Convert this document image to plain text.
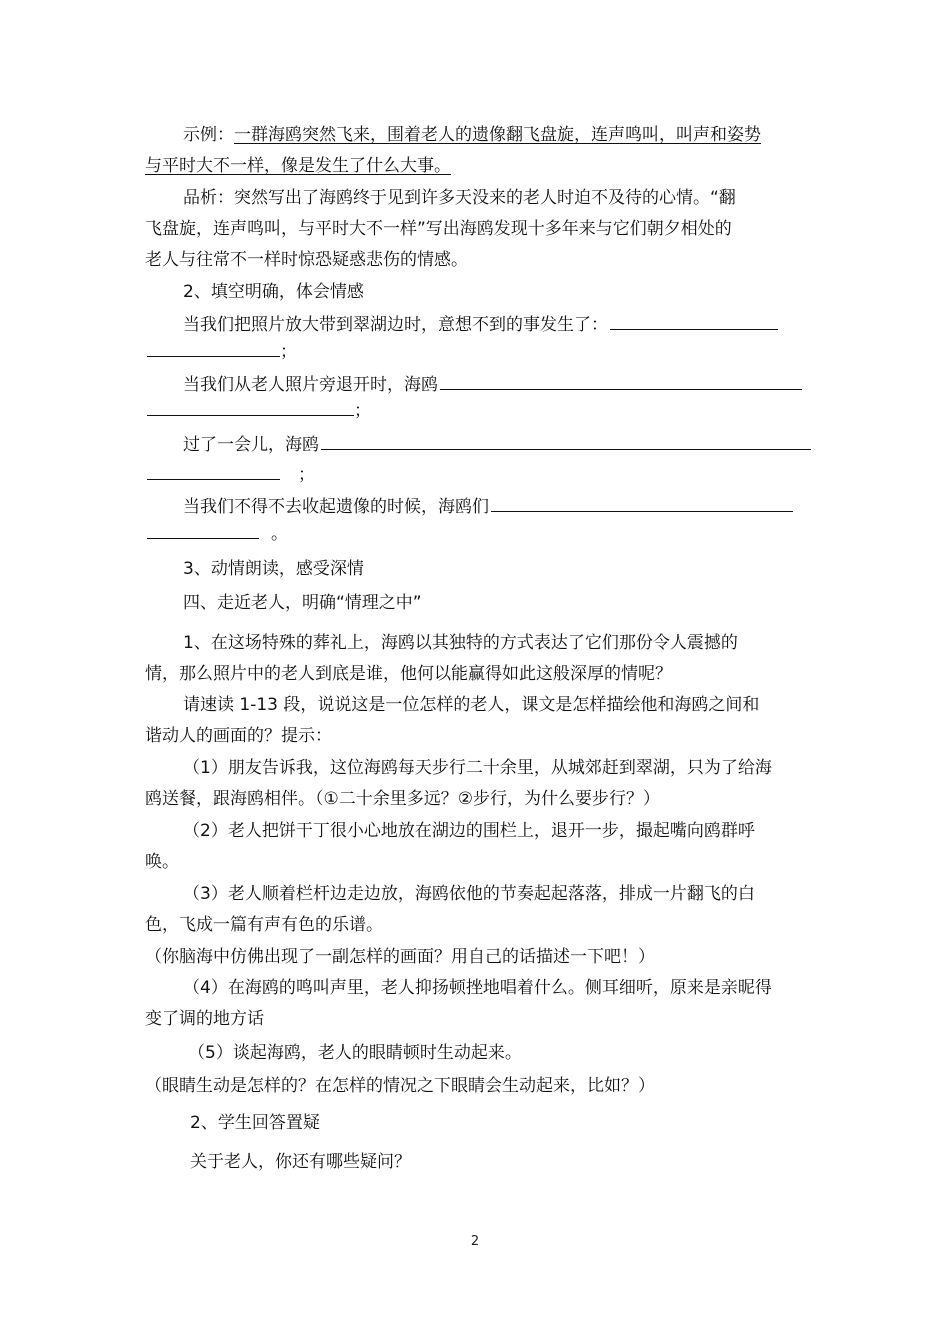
示例：一群海鸥突然飞来，围着老人的遗像翻飞盘旋，连声鸣叫，叫声和姿势
与平时大不一样，像是发生了什么大事。
品析：突然写出了海鸥终于见到许多天没来的老人时迫不及待的心情。“翻
飞盘旋，连声鸣叫，与平时大不一样”写出海鸥发现十多年来与它们朝夕相处的
老人与往常不一样时惊恐疑惑悲伤的情感。
2、填空明确，体会情感
当我们把照片放大带到翠湖边时，意想不到的事发生了：
；
当我们从老人照片旁退开时，海鸥
；
过了一会儿，海鸥
；
当我们不得不去收起遗像的时候，海鸥们
。
3、动情朗读，感受深情
四、走近老人，明确“情理之中”
1、在这场特殊的葬礼上，海鸥以其独特的方式表达了它们那份令人震撼的
情，那么照片中的老人到底是谁，他何以能赢得如此这般深厚的情呢？
请速读 1-13 段，说说这是一位怎样的老人，课文是怎样描绘他和海鸥之间和
谐动人的画面的？提示：
（1）朋友告诉我，这位海鸥每天步行二十余里，从城郊赶到翠湖，只为了给海
鸥送餐，跟海鸥相伴。（①二十余里多远？②步行，为什么要步行？）
（2）老人把饼干丁很小心地放在湖边的围栏上，退开一步，撮起嘴向鸥群呼
唤。
（3）老人顺着栏杆边走边放，海鸥依他的节奏起起落落，排成一片翻飞的白
色，飞成一篇有声有色的乐谱。
（你脑海中仿佛出现了一副怎样的画面？用自己的话描述一下吧！）
（4）在海鸥的鸣叫声里，老人抑扬顿挫地唱着什么。侧耳细听，原来是亲昵得
变了调的地方话
（5）谈起海鸥，老人的眼睛顿时生动起来。
（眼睛生动是怎样的？在怎样的情况之下眼睛会生动起来，比如？）
2、学生回答置疑
关于老人，你还有哪些疑问？
2
